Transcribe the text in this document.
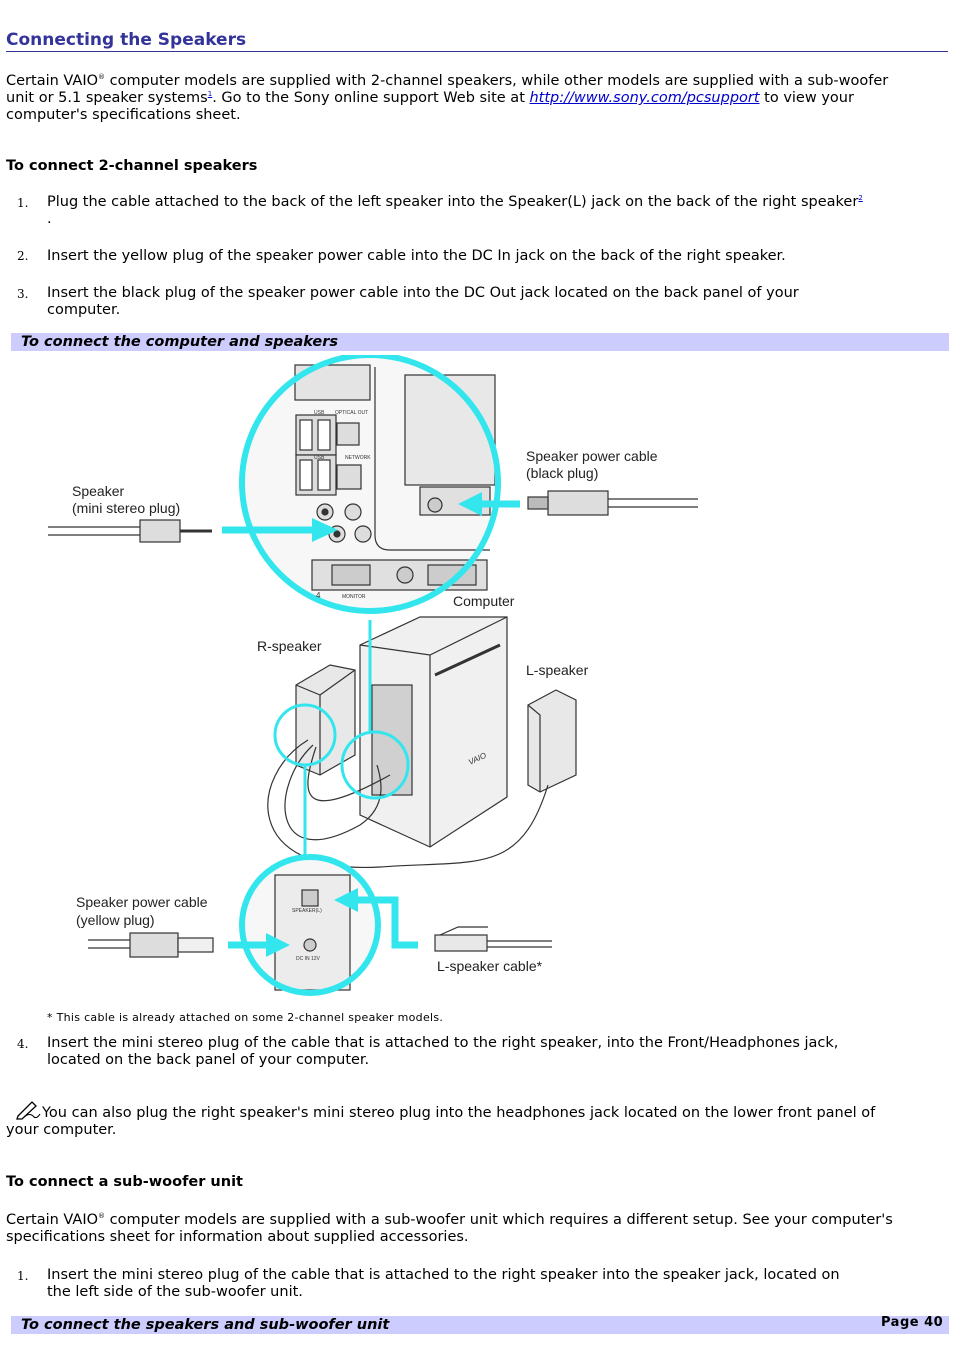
Connecting the Speakers
Certain VAIO® computer models are supplied with 2-channel speakers, while other models are supplied with a sub-woofer
unit or 5.1 speaker systems$^1$. Go to the Sony online support Web site at http://www.sony.com/pcsupport to view your
computer's specifications sheet.
To connect 2-channel speakers
1. Plug the cable attached to the back of the left speaker into the Speaker(L) jack on the back of the right speaker$^2$
.
2. Insert the yellow plug of the speaker power cable into the DC In jack on the back of the right speaker.
3. Insert the black plug of the speaker power cable into the DC Out jack located on the back panel of your
computer.
To connect the computer and speakers
Speaker
(mini stereo plug)
Speaker power cable
(black plug)
Computer
R-speaker
L-speaker
Speaker power cable
(yellow plug)
L-speaker cable*
USB
USB
OPTICAL OUT
NETWORK
MONITOR
4
SPEAKER(L)
DC IN 12V
VAIO
* This cable is already attached on some 2-channel speaker models.
4. Insert the mini stereo plug of the cable that is attached to the right speaker, into the Front/Headphones jack,
located on the back panel of your computer.
You can also plug the right speaker's mini stereo plug into the headphones jack located on the lower front panel of
your computer.
To connect a sub-woofer unit
Certain VAIO® computer models are supplied with a sub-woofer unit which requires a different setup. See your computer's
specifications sheet for information about supplied accessories.
1. Insert the mini stereo plug of the cable that is attached to the right speaker into the speaker jack, located on
the left side of the sub-woofer unit.
To connect the speakers and sub-woofer unit	Page 40
